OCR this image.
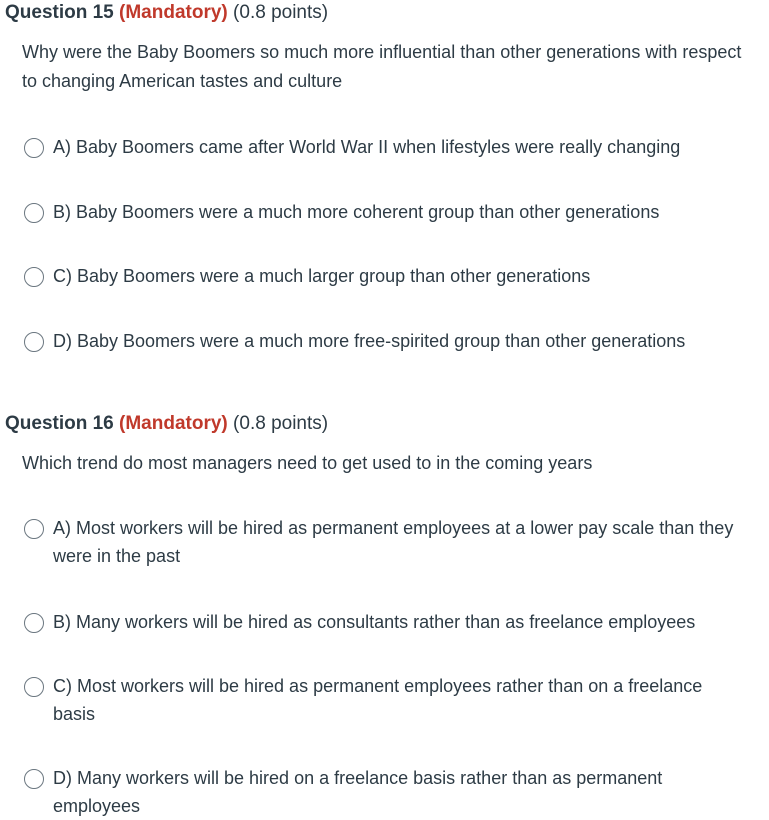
Question 15 (Mandatory) (0.8 points)
Why were the Baby Boomers so much more influential than other generations with respect to changing American tastes and culture
A) Baby Boomers came after World War II when lifestyles were really changing
B) Baby Boomers were a much more coherent group than other generations
C) Baby Boomers were a much larger group than other generations
D) Baby Boomers were a much more free-spirited group than other generations
Question 16 (Mandatory) (0.8 points)
Which trend do most managers need to get used to in the coming years
A) Most workers will be hired as permanent employees at a lower pay scale than they were in the past
B) Many workers will be hired as consultants rather than as freelance employees
C) Most workers will be hired as permanent employees rather than on a freelance basis
D) Many workers will be hired on a freelance basis rather than as permanent employees
